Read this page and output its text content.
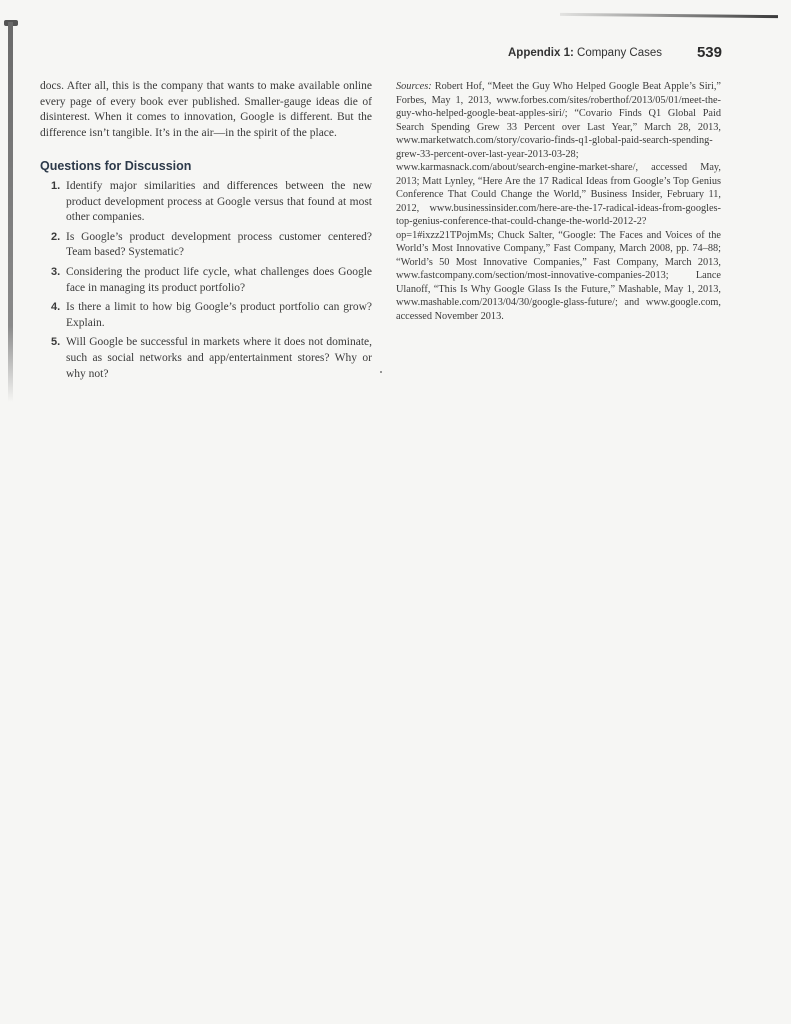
Appendix 1: Company Cases 539

docs. After all, this is the company that wants to make available online every page of every book ever published. Smaller-gauge ideas die of disinterest. When it comes to innovation, Google is different. But the difference isn’t tangible. It’s in the air—in the spirit of the place.

Questions for Discussion
1. Identify major similarities and differences between the new product development process at Google versus that found at most other companies.
2. Is Google’s product development process customer centered? Team based? Systematic?
3. Considering the product life cycle, what challenges does Google face in managing its product portfolio?
4. Is there a limit to how big Google’s product portfolio can grow? Explain.
5. Will Google be successful in markets where it does not dominate, such as social networks and app/entertainment stores? Why or why not?
Sources: Robert Hof, “Meet the Guy Who Helped Google Beat Apple’s Siri,” Forbes, May 1, 2013, www.forbes.com/sites/roberthof/2013/05/01/meet-the-guy-who-helped-google-beat-apples-siri/; “Covario Finds Q1 Global Paid Search Spending Grew 33 Percent over Last Year,” March 28, 2013, www.marketwatch.com/story/covario-finds-q1-global-paid-search-spending-grew-33-percent-over-last-year-2013-03-28; www.karmasnack.com/about/search-engine-market-share/, accessed May, 2013; Matt Lynley, “Here Are the 17 Radical Ideas from Google’s Top Genius Conference That Could Change the World,” Business Insider, February 11, 2012, www.businessinsider.com/here-are-the-17-radical-ideas-from-googles-top-genius-conference-that-could-change-the-world-2012-2?op=1#ixzz21TPojmMs; Chuck Salter, “Google: The Faces and Voices of the World’s Most Innovative Company,” Fast Company, March 2008, pp. 74–88; “World’s 50 Most Innovative Companies,” Fast Company, March 2013, www.fastcompany.com/section/most-innovative-companies-2013; Lance Ulanoff, “This Is Why Google Glass Is the Future,” Mashable, May 1, 2013, www.mashable.com/2013/04/30/google-glass-future/; and www.google.com, accessed November 2013.
